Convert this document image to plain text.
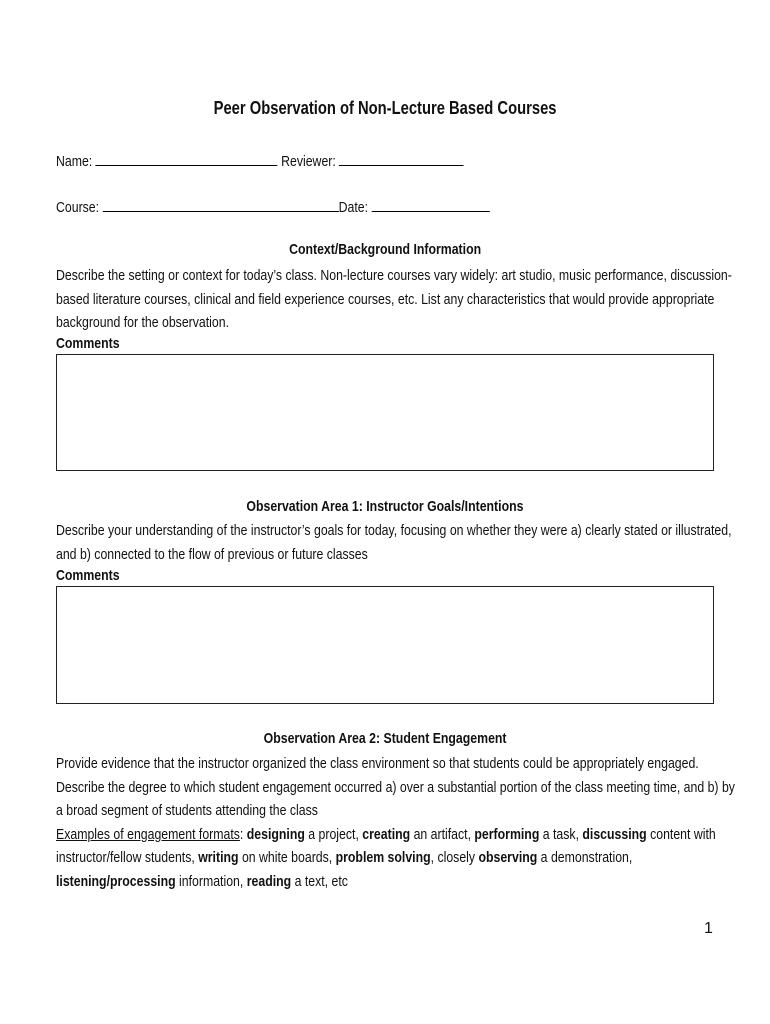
Peer Observation of Non-Lecture Based Courses
Name:	Reviewer:
Course:	Date:
Context/Background Information
Describe the setting or context for today’s class. Non-lecture courses vary widely: art studio, music performance, discussion-
based literature courses, clinical and field experience courses, etc. List any characteristics that would provide appropriate
background for the observation.
Comments
Observation Area 1: Instructor Goals/Intentions
Describe your understanding of the instructor’s goals for today, focusing on whether they were a) clearly stated or illustrated,
and b) connected to the flow of previous or future classes
Comments
Observation Area 2: Student Engagement
Provide evidence that the instructor organized the class environment so that students could be appropriately engaged.
Describe the degree to which student engagement occurred a) over a substantial portion of the class meeting time, and b) by
a broad segment of students attending the class
Examples of engagement formats: designing a project, creating an artifact, performing a task, discussing content with
instructor/fellow students, writing on white boards, problem solving, closely observing a demonstration,
listening/processing information, reading a text, etc
1
